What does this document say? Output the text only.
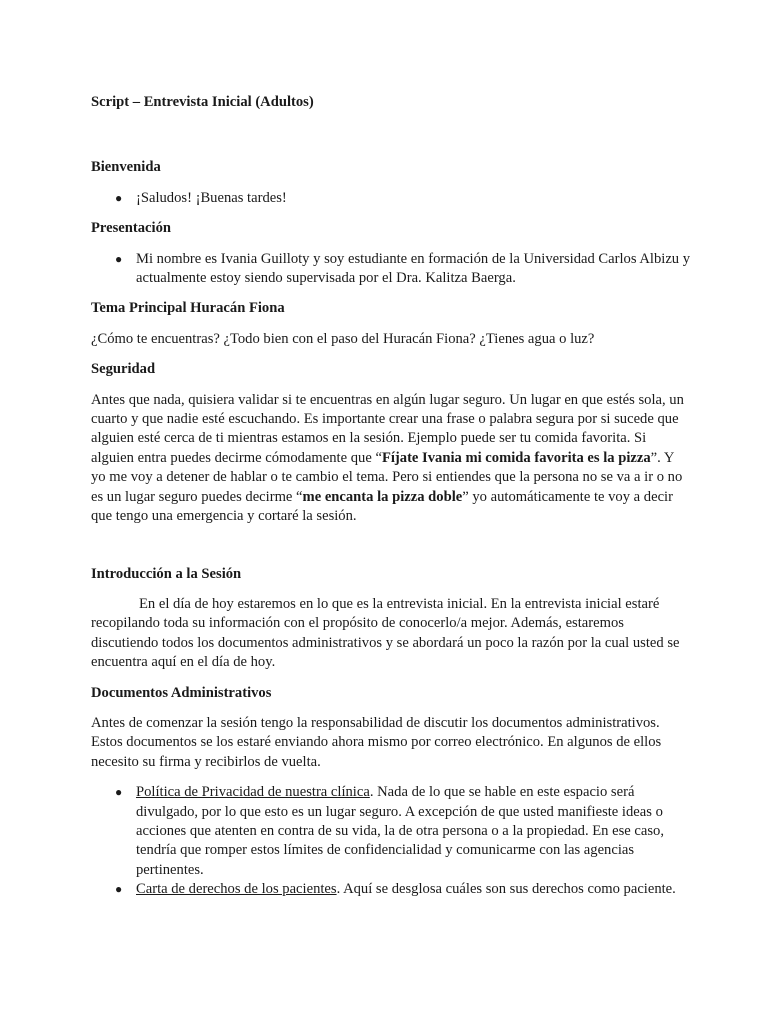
Script – Entrevista Inicial (Adultos)

Bienvenida

● ¡Saludos! ¡Buenas tardes!

Presentación

● Mi nombre es Ivania Guilloty y soy estudiante en formación de la Universidad Carlos Albizu y actualmente estoy siendo supervisada por el Dra. Kalitza Baerga.

Tema Principal Huracán Fiona

¿Cómo te encuentras? ¿Todo bien con el paso del Huracán Fiona? ¿Tienes agua o luz?

Seguridad

Antes que nada, quisiera validar si te encuentras en algún lugar seguro. Un lugar en que estés sola, un cuarto y que nadie esté escuchando. Es importante crear una frase o palabra segura por si sucede que alguien esté cerca de ti mientras estamos en la sesión. Ejemplo puede ser tu comida favorita. Si alguien entra puedes decirme cómodamente que “Fíjate Ivania mi comida favorita es la pizza”. Y yo me voy a detener de hablar o te cambio el tema. Pero si entiendes que la persona no se va a ir o no es un lugar seguro puedes decirme “me encanta la pizza doble” yo automáticamente te voy a decir que tengo una emergencia y cortaré la sesión.

Introducción a la Sesión

En el día de hoy estaremos en lo que es la entrevista inicial. En la entrevista inicial estaré recopilando toda su información con el propósito de conocerlo/a mejor. Además, estaremos discutiendo todos los documentos administrativos y se abordará un poco la razón por la cual usted se encuentra aquí en el día de hoy.

Documentos Administrativos

Antes de comenzar la sesión tengo la responsabilidad de discutir los documentos administrativos. Estos documentos se los estaré enviando ahora mismo por correo electrónico. En algunos de ellos necesito su firma y recibirlos de vuelta.

● Política de Privacidad de nuestra clínica. Nada de lo que se hable en este espacio será divulgado, por lo que esto es un lugar seguro. A excepción de que usted manifieste ideas o acciones que atenten en contra de su vida, la de otra persona o a la propiedad. En ese caso, tendría que romper estos límites de confidencialidad y comunicarme con las agencias pertinentes.
● Carta de derechos de los pacientes. Aquí se desglosa cuáles son sus derechos como paciente.
